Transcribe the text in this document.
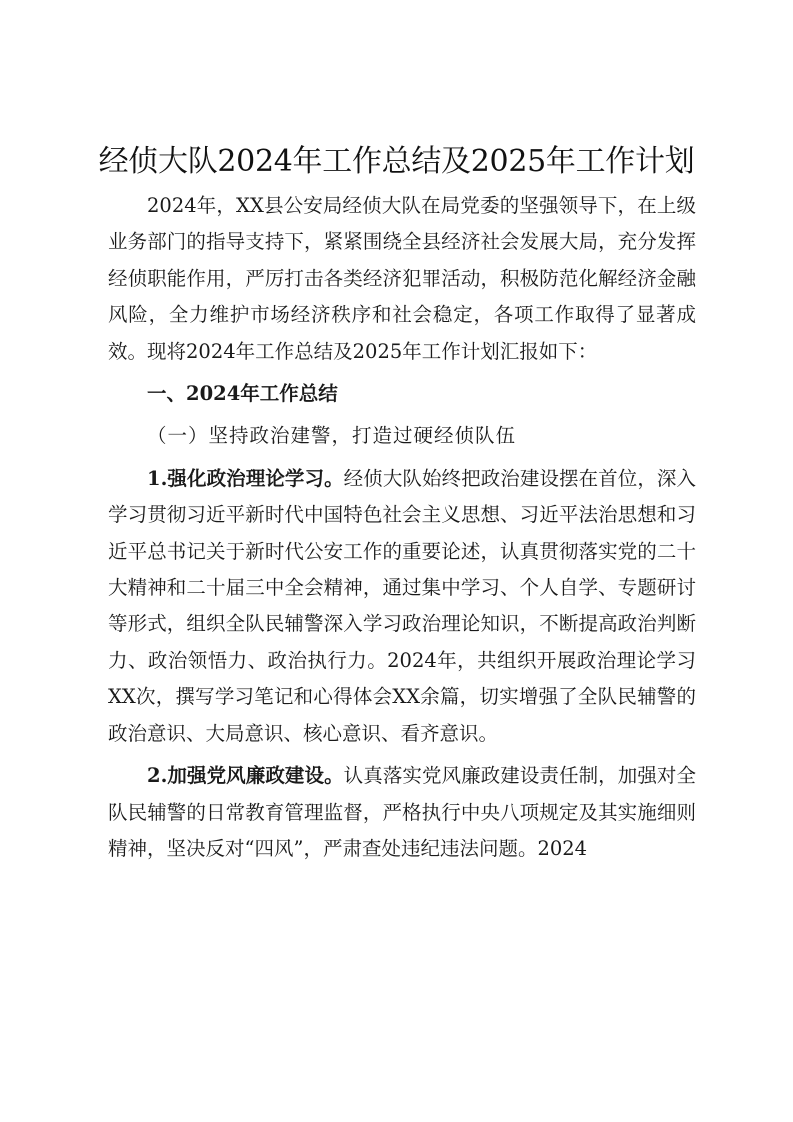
经侦大队2024年工作总结及2025年工作计划

2024年，XX县公安局经侦大队在局党委的坚强领导下，在上级业务部门的指导支持下，紧紧围绕全县经济社会发展大局，充分发挥经侦职能作用，严厉打击各类经济犯罪活动，积极防范化解经济金融风险，全力维护市场经济秩序和社会稳定，各项工作取得了显著成效。现将2024年工作总结及2025年工作计划汇报如下：

一、2024年工作总结

（一）坚持政治建警，打造过硬经侦队伍

1.强化政治理论学习。经侦大队始终把政治建设摆在首位，深入学习贯彻习近平新时代中国特色社会主义思想、习近平法治思想和习近平总书记关于新时代公安工作的重要论述，认真贯彻落实党的二十大精神和二十届三中全会精神，通过集中学习、个人自学、专题研讨等形式，组织全队民辅警深入学习政治理论知识，不断提高政治判断力、政治领悟力、政治执行力。2024年，共组织开展政治理论学习XX次，撰写学习笔记和心得体会XX余篇，切实增强了全队民辅警的政治意识、大局意识、核心意识、看齐意识。

2.加强党风廉政建设。认真落实党风廉政建设责任制，加强对全队民辅警的日常教育管理监督，严格执行中央八项规定及其实施细则精神，坚决反对“四风”，严肃查处违纪违法问题。2024
